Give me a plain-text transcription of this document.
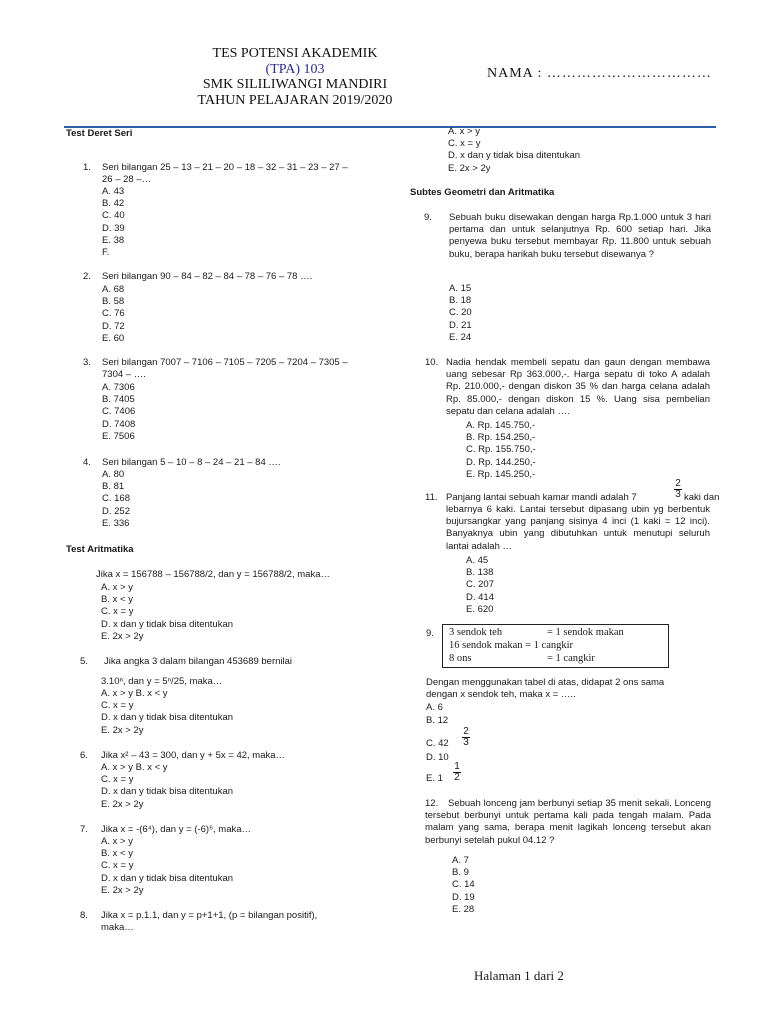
TES POTENSI AKADEMIK
(TPA) 103
SMK SILILIWANGI MANDIRI
TAHUN PELAJARAN 2019/2020
NAMA : ……………………………
Test Deret Seri
1. Seri bilangan 25 – 13 – 21 – 20 – 18 – 32 – 31 – 23 – 27 –
26 – 28 –…
A. 43
B. 42
C. 40
D. 39
E. 38
F.
2. Seri bilangan 90 – 84 – 82 – 84 – 78 – 76 – 78 ….
A. 68
B. 58
C. 76
D. 72
E. 60
3. Seri bilangan 7007 – 7106 – 7105 – 7205 – 7204 – 7305 –
7304 – ….
A. 7306
B. 7405
C. 7406
D. 7408
E. 7506
4. Seri bilangan 5 – 10 – 8 – 24 – 21 – 84 ….
A. 80
B. 81
C. 168
D. 252
E. 336
Test Aritmatika
Jika x = 156788 – 156788/2, dan y = 156788/2, maka…
A. x > y
B. x < y
C. x = y
D. x dan y tidak bisa ditentukan
E. 2x > 2y
5. Jika angka 3 dalam bilangan 453689 bernilai
3.10ⁿ, dan y = 5ⁿ/25, maka…
A. x > y B. x < y
C. x = y
D. x dan y tidak bisa ditentukan
E. 2x > 2y
6. Jika x² – 43 = 300, dan y + 5x = 42, maka…
A. x > y B. x < y
C. x = y
D. x dan y tidak bisa ditentukan
E. 2x > 2y
7. Jika x = -(6⁴), dan y = (-6)⁶, maka…
A. x > y
B. x < y
C. x = y
D. x dan y tidak bisa ditentukan
E. 2x > 2y
8. Jika x = p.1.1, dan y = p+1+1, (p = bilangan positif),
maka…
A. x > y
C. x = y
D. x dan y tidak bisa ditentukan
E. 2x > 2y
Subtes Geometri dan Aritmatika
9. Sebuah buku disewakan dengan harga Rp.1.000 untuk 3 hari pertama dan untuk selanjutnya Rp. 600 setiap hari. Jika penyewa buku tersebut membayar Rp. 11.800 untuk sebuah buku, berapa harikah buku tersebut disewanya ?
A. 15
B. 18
C. 20
D. 21
E. 24
10. Nadia hendak membeli sepatu dan gaun dengan membawa uang sebesar Rp 363.000,-. Harga sepatu di toko A adalah Rp. 210.000,- dengan diskon 35 % dan harga celana adalah Rp. 85.000,- dengan diskon 15 %. Uang sisa pembelian sepatu dan celana adalah ….
A. Rp. 145.750,-
B. Rp. 154.250,-
C. Rp. 155.750,-
D. Rp. 144.250,-
E. Rp. 145.250,-
11. Panjang lantai sebuah kamar mandi adalah 7	$\frac{2}{3}$ kaki dan
lebarnya 6 kaki. Lantai tersebut dipasang ubin yg berbentuk bujursangkar yang panjang sisinya 4 inci (1 kaki = 12 inci). Banyaknya ubin yang dibutuhkan untuk menutupi seluruh lantai adalah …
A. 45
B. 138
C. 207
D. 414
E. 620
9. 3 sendok teh	= 1 sendok makan
16 sendok makan = 1 cangkir
8 ons	= 1 cangkir
Dengan menggunakan tabel di atas, didapat 2 ons sama
dengan x sendok teh, maka x = …..
A. 6
B. 12
C. $42 \frac{2}{3}$
D. 10
E. $1 \frac{1}{2}$
12.	Sebuah lonceng jam berbunyi setiap 35 menit sekali. Lonceng tersebut berbunyi untuk pertama kali pada tengah malam. Pada malam yang sama, berapa menit lagikah lonceng tersebut akan berbunyi setelah pukul 04.12 ?
A. 7
B. 9
C. 14
D. 19
E. 28
Halaman 1 dari 2
